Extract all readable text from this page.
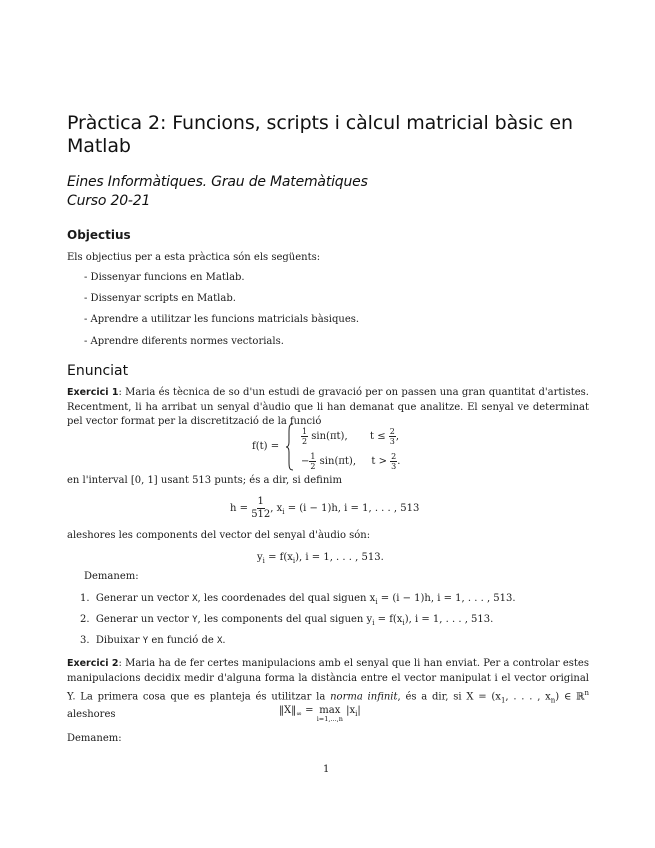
Pràctica 2: Funcions, scripts i càlcul matricial bàsic en
Matlab
Eines Informàtiques. Grau de Matemàtiques
Curso 20-21
Objectius
Els objectius per a esta pràctica són els següents:
- Dissenyar funcions en Matlab.
- Dissenyar scripts en Matlab.
- Aprendre a utilitzar les funcions matricials bàsiques.
- Aprendre diferents normes vectorials.
Enunciat
Exercici 1: Maria és tècnica de so d'un estudi de gravació per on passen una gran quantitat d'artistes. Recentment, li ha arribat un senyal d'àudio que li han demanat que analitze. El senyal ve determinat pel vector format per la discretització de la funció
f(t) =
$\frac{1}{2} \sin(\pi t)$, $t \le \frac{2}{3}$ ,
− $\frac{1}{2} \sin(\pi t)$, $t > \frac{2}{3}$ .
en l'interval [0, 1] usant 513 punts; és a dir, si definim
$h = \frac{1}{512}$ , $x_i = (i - 1)h$, i = 1, . . . , 513
aleshores les components del vector del senyal d'àudio són:
$y_i = f(x_i)$, i = 1, . . . , 513.
Demanem:
1. Generar un vector X, les coordenades del qual siguen $x_i = (i - 1)h$, i = 1, . . . , 513.
2. Generar un vector Y, les components del qual siguen $y_i = f(x_i)$, i = 1, . . . , 513.
3. Dibuixar Y en funció de X.
Exercici 2: Maria ha de fer certes manipulacions amb el senyal que li han enviat. Per a controlar estes manipulacions decidix medir d'alguna forma la distància entre el vector manipulat i el vector original Y. La primera cosa que es planteja és utilitzar la norma infinit, és a dir, si $X = (x_1$, . . . , $x_n$) ∈ ℝ$^n$ aleshores	$‖X‖_\infty = \max$
i=1,...,n
$|x_i|$
Demanem:
1
